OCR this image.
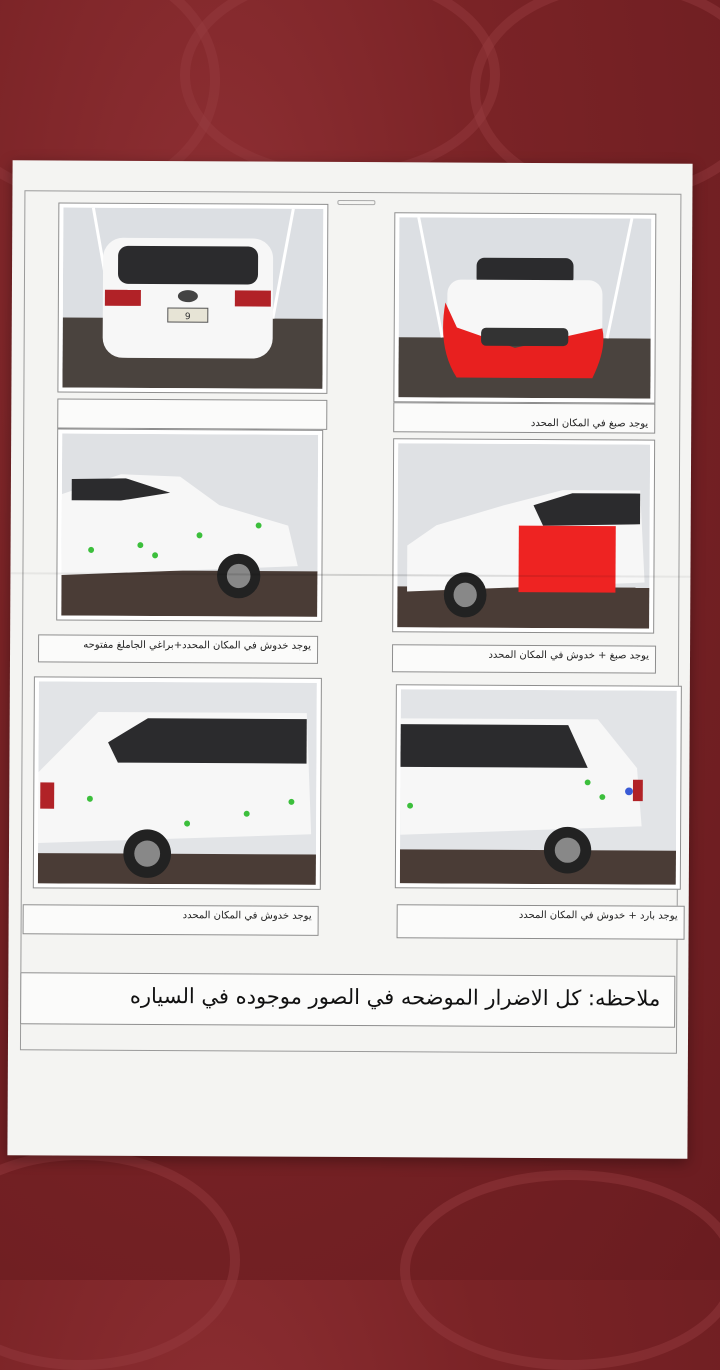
9
يوجد صبغ في المكان المحدد
يوجد خدوش في المكان المحدد+براغي الجاملغ مفتوحه
يوجد صبغ + خدوش في المكان المحدد
يوجد خدوش في المكان المحدد	يوجد بارد + خدوش في المكان المحدد
ملاحظه: كل الاضرار الموضحه في الصور موجوده في السياره
